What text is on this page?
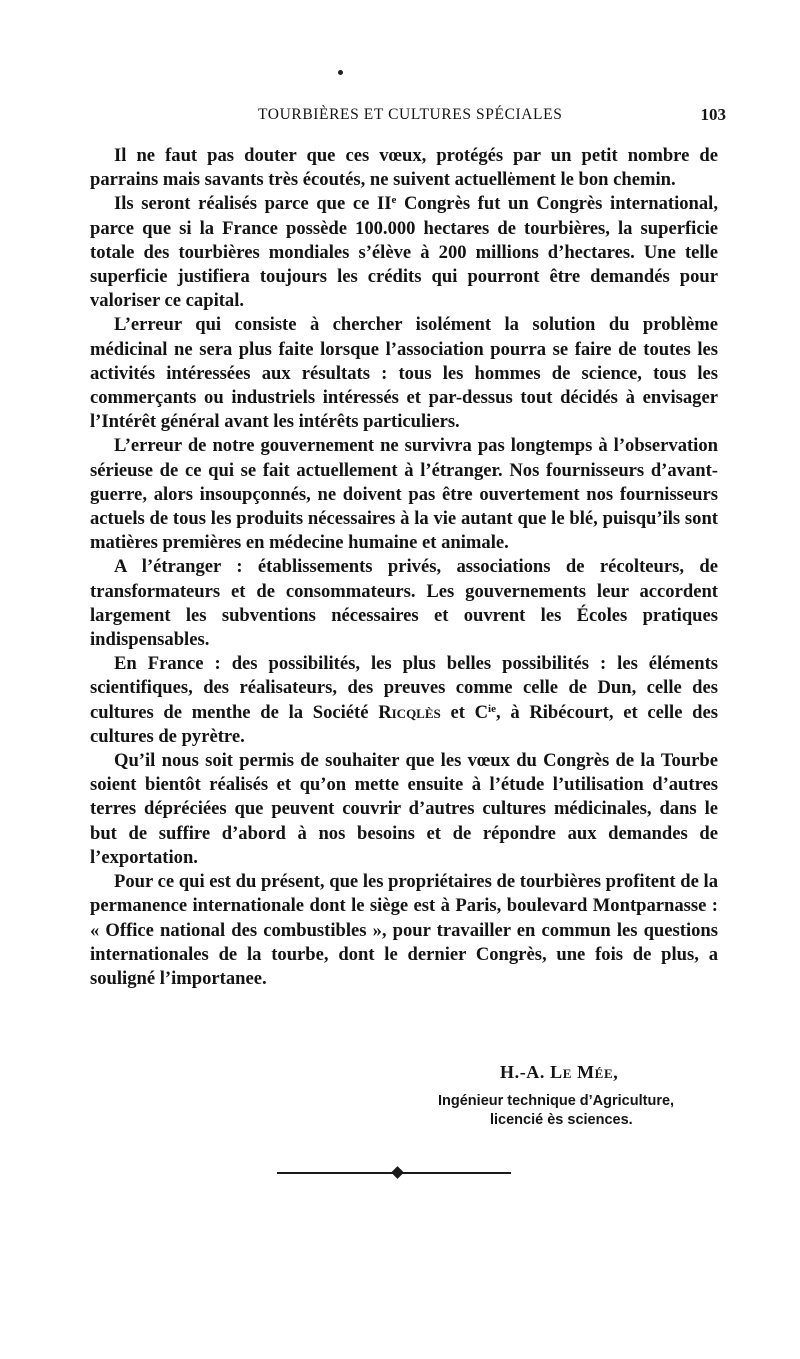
TOURBIÈRES ET CULTURES SPÉCIALES	103

Il ne faut pas douter que ces vœux, protégés par un petit nombre de parrains mais savants très écoutés, ne suivent actuellement le bon chemin.

Ils seront réalisés parce que ce IIe Congrès fut un Congrès international, parce que si la France possède 100.000 hectares de tourbières, la superficie totale des tourbières mondiales s’élève à 200 millions d’hectares. Une telle superficie justifiera toujours les crédits qui pourront être demandés pour valoriser ce capital.

L’erreur qui consiste à chercher isolément la solution du problème médicinal ne sera plus faite lorsque l’association pourra se faire de toutes les activités intéressées aux résultats : tous les hommes de science, tous les commerçants ou industriels intéressés et par-dessus tout décidés à envisager l’Intérêt général avant les intérêts particuliers.

L’erreur de notre gouvernement ne survivra pas longtemps à l’observation sérieuse de ce qui se fait actuellement à l’étranger. Nos fournisseurs d’avant-guerre, alors insoupçonnés, ne doivent pas être ouvertement nos fournisseurs actuels de tous les produits nécessaires à la vie autant que le blé, puisqu’ils sont matières premières en médecine humaine et animale.

A l’étranger : établissements privés, associations de récolteurs, de transformateurs et de consommateurs. Les gouvernements leur accordent largement les subventions nécessaires et ouvrent les Écoles pratiques indispensables.

En France : des possibilités, les plus belles possibilités : les éléments scientifiques, des réalisateurs, des preuves comme celle de Dun, celle des cultures de menthe de la Société Ricqlès et $C^{ie}$, à Ribécourt, et celle des cultures de pyrètre.

Qu’il nous soit permis de souhaiter que les vœux du Congrès de la Tourbe soient bientôt réalisés et qu’on mette ensuite à l’étude l’utilisation d’autres terres dépréciées que peuvent couvrir d’autres cultures médicinales, dans le but de suffire d’abord à nos besoins et de répondre aux demandes de l’exportation.

Pour ce qui est du présent, que les propriétaires de tourbières profitent de la permanence internationale dont le siège est à Paris, boulevard Montparnasse : « Office national des combustibles », pour travailler en commun les questions internationales de la tourbe, dont le dernier Congrès, une fois de plus, a souligné l’importanee.

H.-A. Le Mée,
Ingénieur technique d’Agriculture,
licencié ès sciences.
